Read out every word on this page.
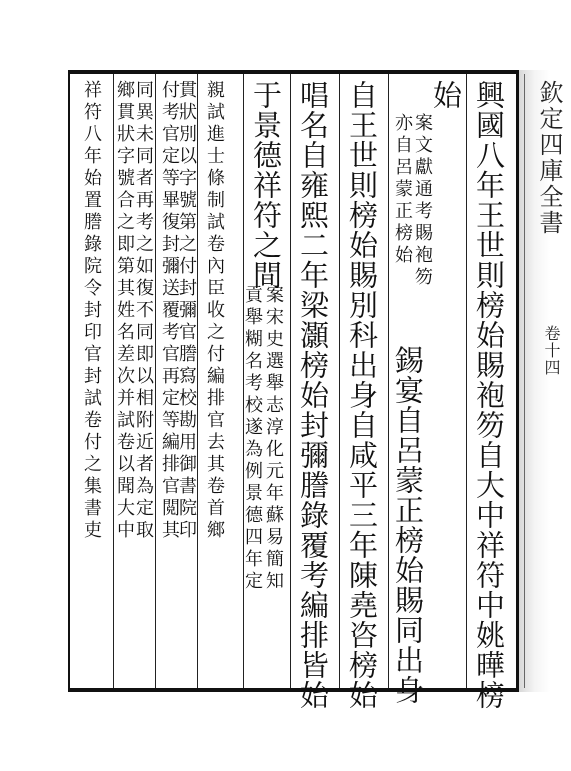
欽定四庫全書
卷十四
興國八年王世則榜始賜袍笏自大中祥符中姚曄榜
始
案文獻通考賜袍笏
亦自呂蒙正榜始
錫宴自呂蒙正榜始賜同出身
自王世則榜始賜別科出身自咸平三年陳堯咨榜始
唱名自雍熙二年梁灝榜始封彌謄錄覆考編排皆始
于景德祥符之間
案宋史選舉志淳化元年蘇易簡知
貢舉糊名考校遂為例景德四年定
親試進士條制試卷內臣收之付編排官去其卷首鄉
貫狀別以字號第之付封彌官謄寫校勘用御書院印
付考官定等畢復封彌送覆考官再定等編排官閲其
同異未同者再考之如復不同即以相附近者為定取
鄉貫狀字號合之即第其姓名差次并試卷以聞大中
祥符八年始置謄錄院令封印官封試卷付之集書吏
